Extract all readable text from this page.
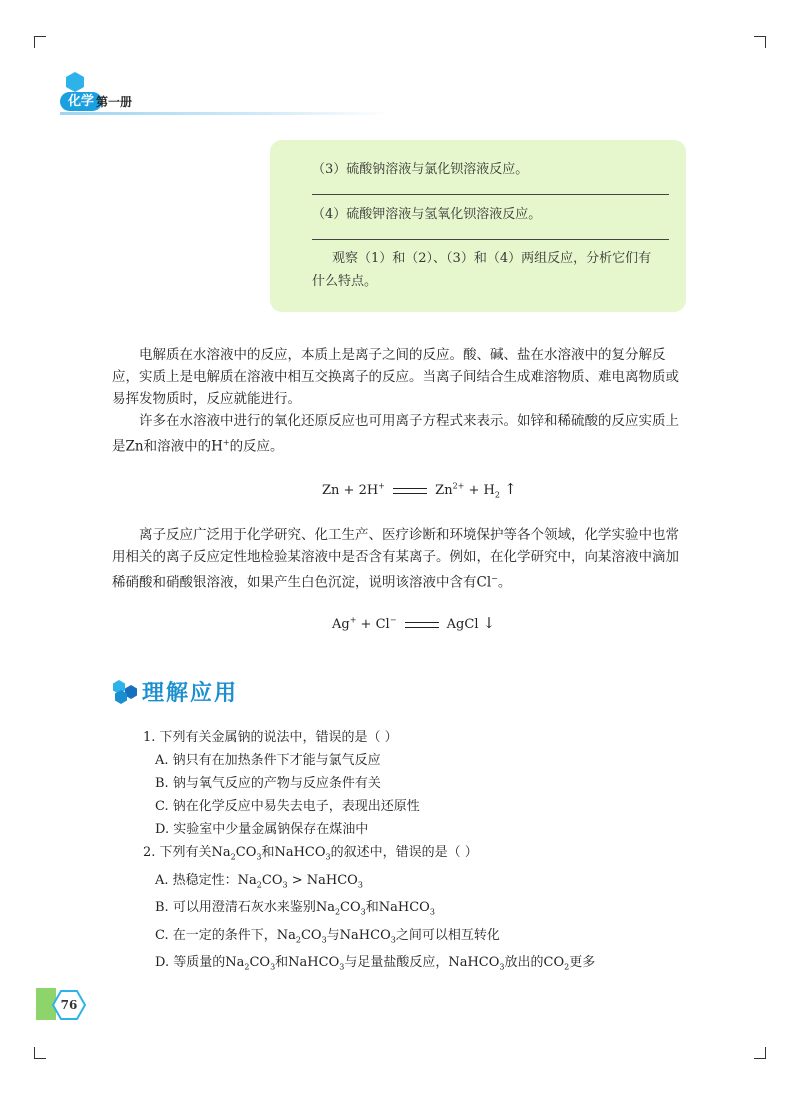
化学 第一册
（3）硫酸钠溶液与氯化钡溶液反应。
（4）硫酸钾溶液与氢氧化钡溶液反应。
观察（1）和（2）、（3）和（4）两组反应，分析它们有
什么特点。

电解质在水溶液中的反应，本质上是离子之间的反应。酸、碱、盐在水溶液中的复分解反应，实质上是电解质在溶液中相互交换离子的反应。当离子间结合生成难溶物质、难电离物质或易挥发物质时，反应就能进行。

许多在水溶液中进行的氧化还原反应也可用离子方程式来表示。如锌和稀硫酸的反应实质上是Zn和溶液中的H+的反应。

Zn + 2H+	$Zn^{2+} + H_2$ ↑

离子反应广泛用于化学研究、化工生产、医疗诊断和环境保护等各个领域，化学实验中也常用相关的离子反应定性地检验某溶液中是否含有某离子。例如，在化学研究中，向某溶液中滴加稀硝酸和硝酸银溶液，如果产生白色沉淀，说明该溶液中含有Cl−。

Ag+ + Cl−	AgCl ↓
理解应用
1. 下列有关金属钠的说法中，错误的是（ ）
A. 钠只有在加热条件下才能与氯气反应
B. 钠与氧气反应的产物与反应条件有关
C. 钠在化学反应中易失去电子，表现出还原性
D. 实验室中少量金属钠保存在煤油中
2. 下列有关$Na_2CO_3$和NaHCO$_3$的叙述中，错误的是（ ）
A. 热稳定性：$Na_2CO_3$ > NaHCO$_3$
B. 可以用澄清石灰水来鉴别$Na_2CO_3$和NaHCO$_3$
C. 在一定的条件下，$Na_2CO_3$与NaHCO$_3$之间可以相互转化
D. 等质量的$Na_2CO_3$和NaHCO$_3$与足量盐酸反应，NaHCO$_3$放出的$CO_2$更多
76
